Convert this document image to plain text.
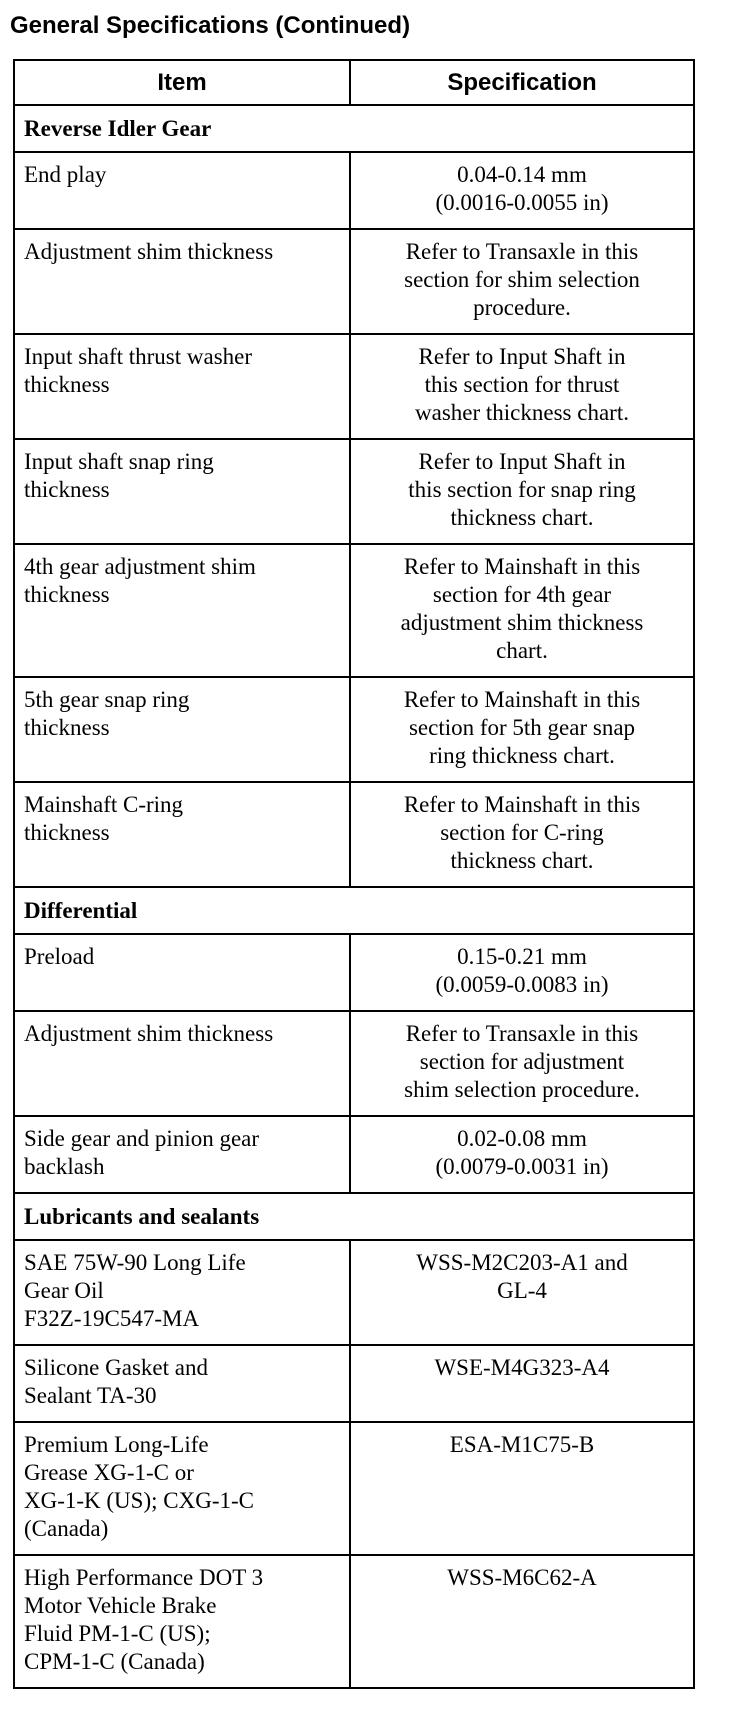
General Specifications (Continued)
Item	Specification
Reverse Idler Gear	

End play	0.04-0.14 mm
(0.0016-0.0055 in)

Adjustment shim thickness	Refer to Transaxle in this
section for shim selection
procedure.

Input shaft thrust washer
thickness	Refer to Input Shaft in
this section for thrust
washer thickness chart.

Input shaft snap ring
thickness	Refer to Input Shaft in
this section for snap ring
thickness chart.

4th gear adjustment shim
thickness	Refer to Mainshaft in this
section for 4th gear
adjustment shim thickness
chart.

5th gear snap ring
thickness	Refer to Mainshaft in this
section for 5th gear snap
ring thickness chart.

Mainshaft C-ring
thickness	Refer to Mainshaft in this
section for C-ring
thickness chart.

Differential	

Preload	0.15-0.21 mm
(0.0059-0.0083 in)

Adjustment shim thickness	Refer to Transaxle in this
section for adjustment
shim selection procedure.

Side gear and pinion gear
backlash	0.02-0.08 mm
(0.0079-0.0031 in)

Lubricants and sealants	

SAE 75W-90 Long Life
Gear Oil
F32Z-19C547-MA	WSS-M2C203-A1 and
GL-4

Silicone Gasket and
Sealant TA-30	WSE-M4G323-A4

Premium Long-Life
Grease XG-1-C or
XG-1-K (US); CXG-1-C
(Canada)	ESA-M1C75-B

High Performance DOT 3
Motor Vehicle Brake
Fluid PM-1-C (US);
CPM-1-C (Canada)	WSS-M6C62-A
